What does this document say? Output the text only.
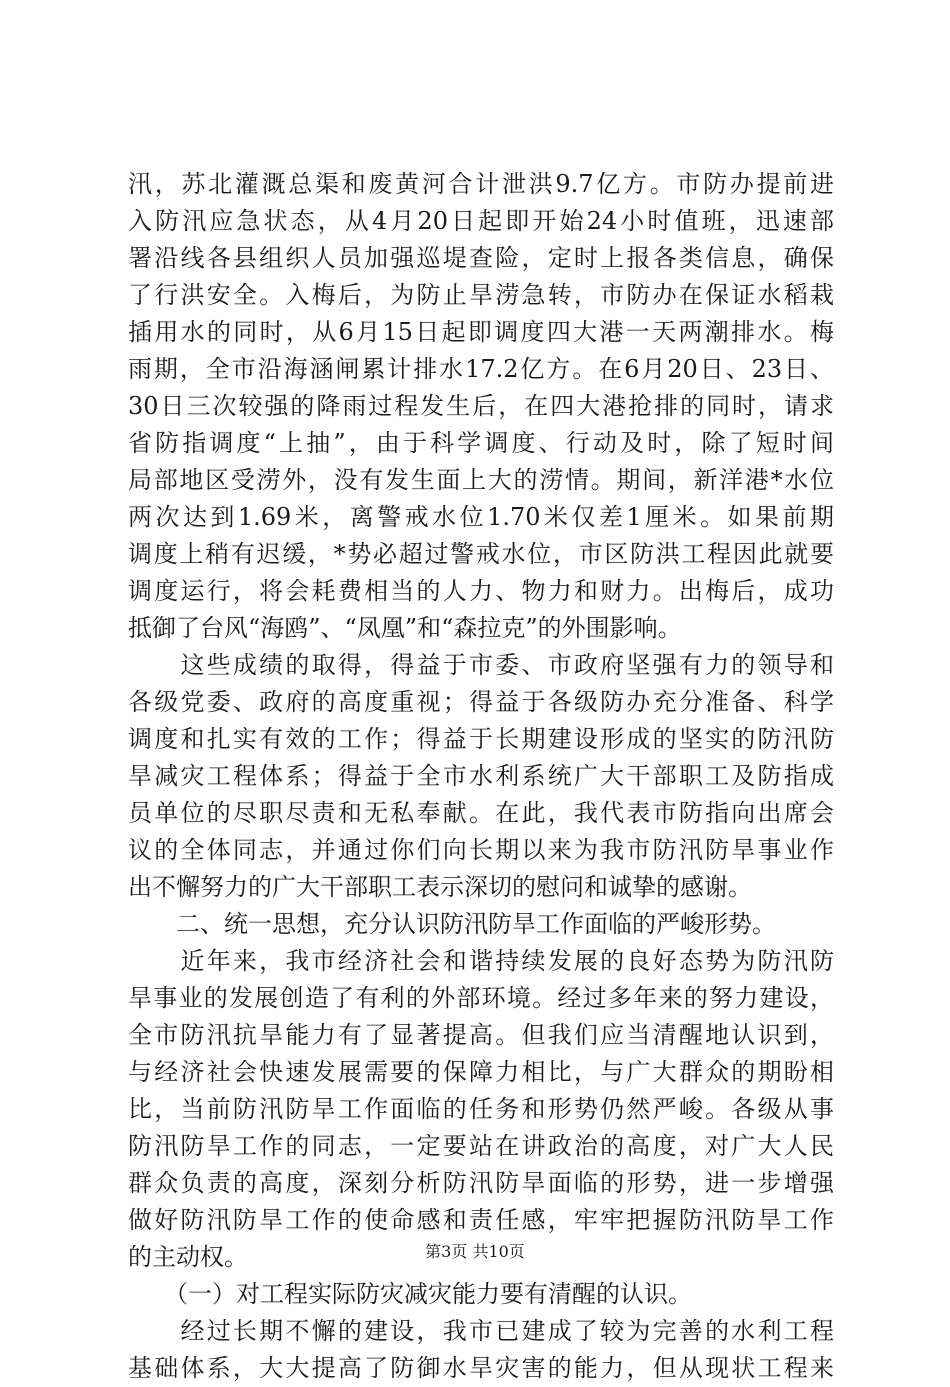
汛，苏北灌溉总渠和废黄河合计泄洪9.7亿方。市防办提前进
入防汛应急状态，从4月20日起即开始24小时值班，迅速部
署沿线各县组织人员加强巡堤查险，定时上报各类信息，确保
了行洪安全。入梅后，为防止旱涝急转，市防办在保证水稻栽
插用水的同时，从6月15日起即调度四大港一天两潮排水。梅
雨期，全市沿海涵闸累计排水17.2亿方。在6月20日、23日、
30日三次较强的降雨过程发生后，在四大港抢排的同时，请求
省防指调度“上抽”，由于科学调度、行动及时，除了短时间
局部地区受涝外，没有发生面上大的涝情。期间，新洋港*水位
两次达到1.69米，离警戒水位1.70米仅差1厘米。如果前期
调度上稍有迟缓，*势必超过警戒水位，市区防洪工程因此就要
调度运行，将会耗费相当的人力、物力和财力。出梅后，成功
抵御了台风“海鸥”、“凤凰”和“森拉克”的外围影响。
　　这些成绩的取得，得益于市委、市政府坚强有力的领导和
各级党委、政府的高度重视；得益于各级防办充分准备、科学
调度和扎实有效的工作；得益于长期建设形成的坚实的防汛防
旱减灾工程体系；得益于全市水利系统广大干部职工及防指成
员单位的尽职尽责和无私奉献。在此，我代表市防指向出席会
议的全体同志，并通过你们向长期以来为我市防汛防旱事业作
出不懈努力的广大干部职工表示深切的慰问和诚挚的感谢。
　　二、统一思想，充分认识防汛防旱工作面临的严峻形势。
　　近年来，我市经济社会和谐持续发展的良好态势为防汛防
旱事业的发展创造了有利的外部环境。经过多年来的努力建设，
全市防汛抗旱能力有了显著提高。但我们应当清醒地认识到，
与经济社会快速发展需要的保障力相比，与广大群众的期盼相
比，当前防汛防旱工作面临的任务和形势仍然严峻。各级从事
防汛防旱工作的同志，一定要站在讲政治的高度，对广大人民
群众负责的高度，深刻分析防汛防旱面临的形势，进一步增强
做好防汛防旱工作的使命感和责任感，牢牢把握防汛防旱工作
的主动权。
　　（一）对工程实际防灾减灾能力要有清醒的认识。
　　经过长期不懈的建设，我市已建成了较为完善的水利工程
基础体系，大大提高了防御水旱灾害的能力，但从现状工程来
第3页 共10页
